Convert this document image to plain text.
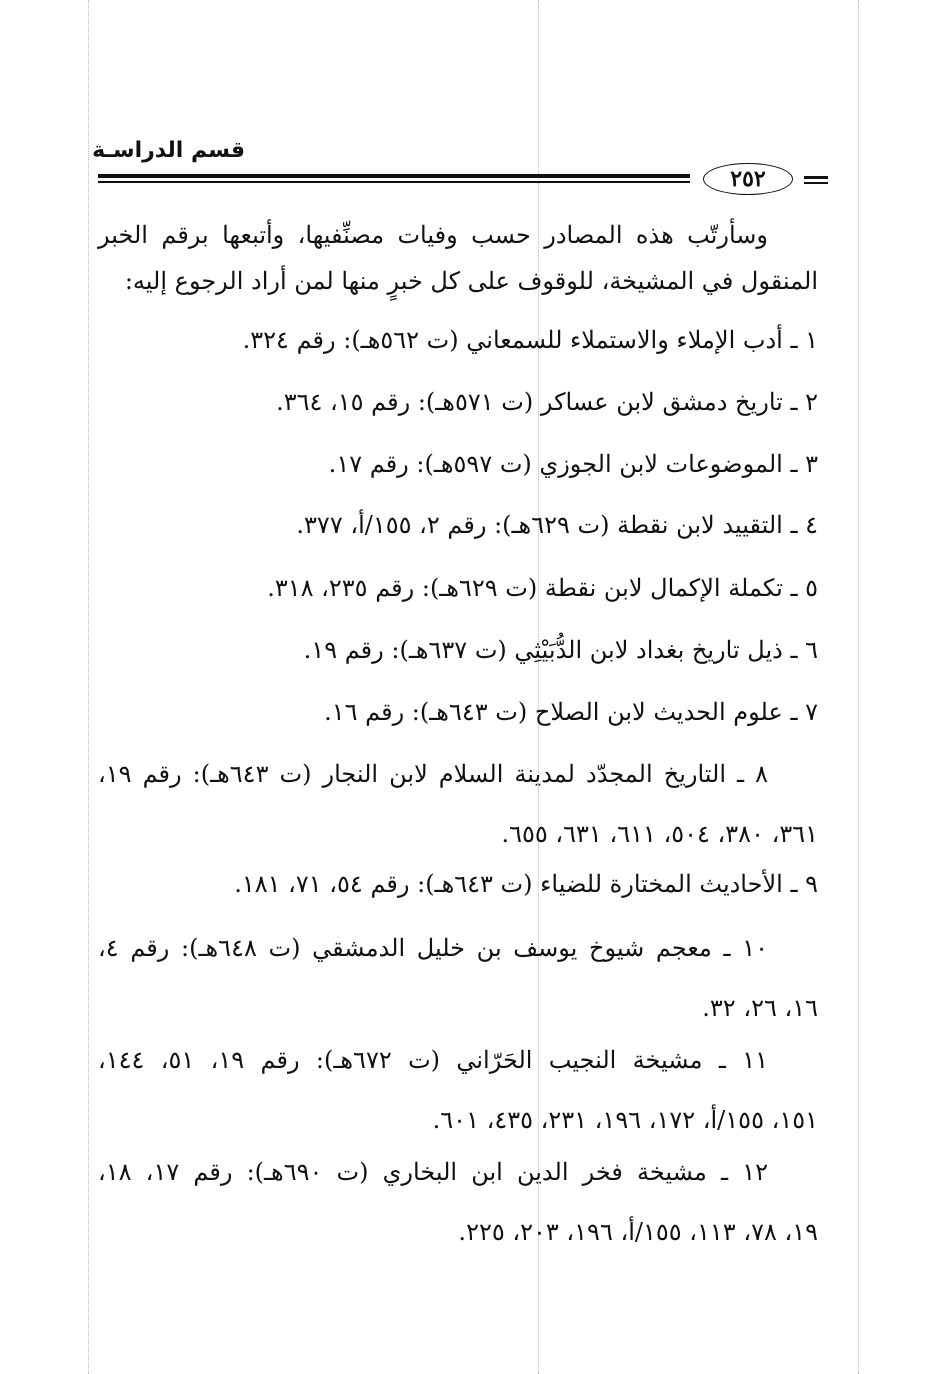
قسم الدراسـة
٢٥٢
وسأرتّب هذه المصادر حسب وفيات مصنِّفيها، وأتبعها برقم الخبر المنقول في المشيخة، للوقوف على كل خبرٍ منها لمن أراد الرجوع إليه:
١ ـ أدب الإملاء والاستملاء للسمعاني (ت ٥٦٢هـ): رقم ٣٢٤.
٢ ـ تاريخ دمشق لابن عساكر (ت ٥٧١هـ): رقم ١٥، ٣٦٤.
٣ ـ الموضوعات لابن الجوزي (ت ٥٩٧هـ): رقم ١٧.
٤ ـ التقييد لابن نقطة (ت ٦٢٩هـ): رقم ٢، ١٥٥/أ، ٣٧٧.
٥ ـ تكملة الإكمال لابن نقطة (ت ٦٢٩هـ): رقم ٢٣٥، ٣١٨.
٦ ـ ذيل تاريخ بغداد لابن الدُّبَيْثِي (ت ٦٣٧هـ): رقم ١٩.
٧ ـ علوم الحديث لابن الصلاح (ت ٦٤٣هـ): رقم ١٦.
٨ ـ التاريخ المجدّد لمدينة السلام لابن النجار (ت ٦٤٣هـ): رقم ١٩،
٣٦١، ٣٨٠، ٥٠٤، ٦١١، ٦٣١، ٦٥٥.
٩ ـ الأحاديث المختارة للضياء (ت ٦٤٣هـ): رقم ٥٤، ٧١، ١٨١.
١٠ ـ معجم شيوخ يوسف بن خليل الدمشقي (ت ٦٤٨هـ): رقم ٤،
١٦، ٢٦، ٣٢.
١١ ـ مشيخة النجيب الحَرّاني (ت ٦٧٢هـ): رقم ١٩، ٥١، ١٤٤،
١٥١، ١٥٥/أ، ١٧٢، ١٩٦، ٢٣١، ٤٣٥، ٦٠١.
١٢ ـ مشيخة فخر الدين ابن البخاري (ت ٦٩٠هـ): رقم ١٧، ١٨،
١٩، ٧٨، ١١٣، ١٥٥/أ، ١٩٦، ٢٠٣، ٢٢٥.
